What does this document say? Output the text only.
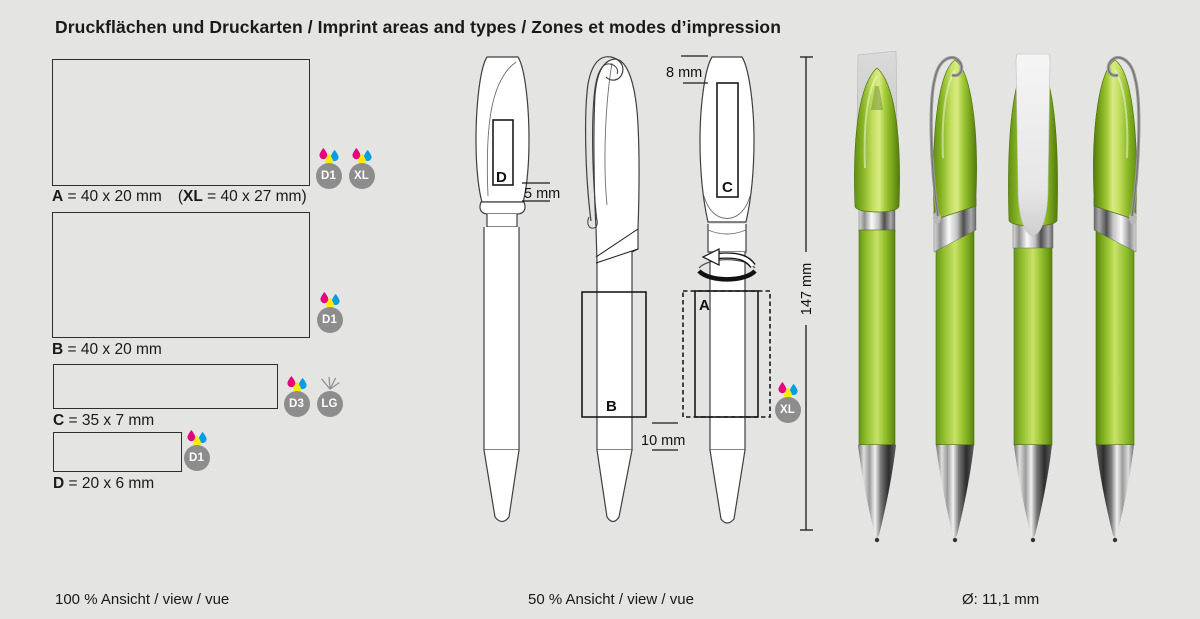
Druckflächen und Druckarten / Imprint areas and types / Zones et modes d’impression
A = 40 x 20 mm (XL = 40 x 27 mm)
D1	XL
B = 40 x 20 mm
D1
C = 35 x 7 mm
D3	LG
D = 20 x 6 mm
D1
D
5 mm
B
10 mm
C
A
8 mm
147 mm
XL
100 % Ansicht / view / vue	50 % Ansicht / view / vue	Ø: 11,1 mm
